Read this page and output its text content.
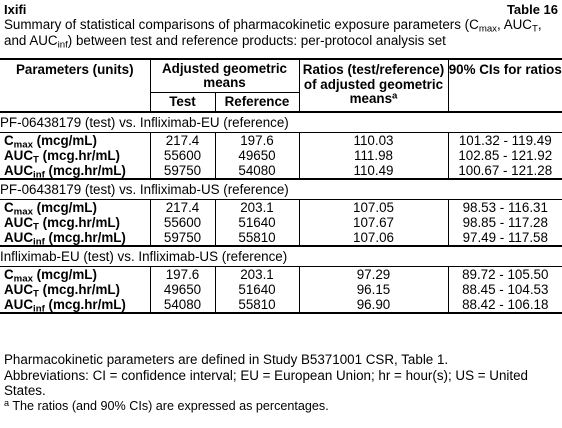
Ixifi	Table 16
Summary of statistical comparisons of pharmacokinetic exposure parameters ($C_{max}$, $AUC_T$, and $AUC_{inf}$) between test and reference products: per-protocol analysis set
Parameters (units)	Adjusted geometric means		Ratios (test/reference) of adjusted geometric means$^a$	90% CIs for ratios
	Test	Reference		
PF-06438179 (test) vs. Infliximab-EU (reference)				
$C_{max}$ (mcg/mL)	217.4	197.6	110.03	101.32 - 119.49
$AUC_T$ (mcg.hr/mL)	55600	49650	111.98	102.85 - 121.92
$AUC_{inf}$ (mcg.hr/mL)	59750	54080	110.49	100.67 - 121.28
PF-06438179 (test) vs. Infliximab-US (reference)				
$C_{max}$ (mcg/mL)	217.4	203.1	107.05	98.53 - 116.31
$AUC_T$ (mcg.hr/mL)	55600	51640	107.67	98.85 - 117.28
$AUC_{inf}$ (mcg.hr/mL)	59750	55810	107.06	97.49 - 117.58
Infliximab-EU (test) vs. Infliximab-US (reference)				
$C_{max}$ (mcg/mL)	197.6	203.1	97.29	89.72 - 105.50
$AUC_T$ (mcg.hr/mL)	49650	51640	96.15	88.45 - 104.53
$AUC_{inf}$ (mcg.hr/mL)	54080	55810	96.90	88.42 - 106.18

Pharmacokinetic parameters are defined in Study B5371001 CSR, Table 1.

Abbreviations: CI = confidence interval; EU = European Union; hr = hour(s); US = United States.

$^a$ The ratios (and 90% CIs) are expressed as percentages.
